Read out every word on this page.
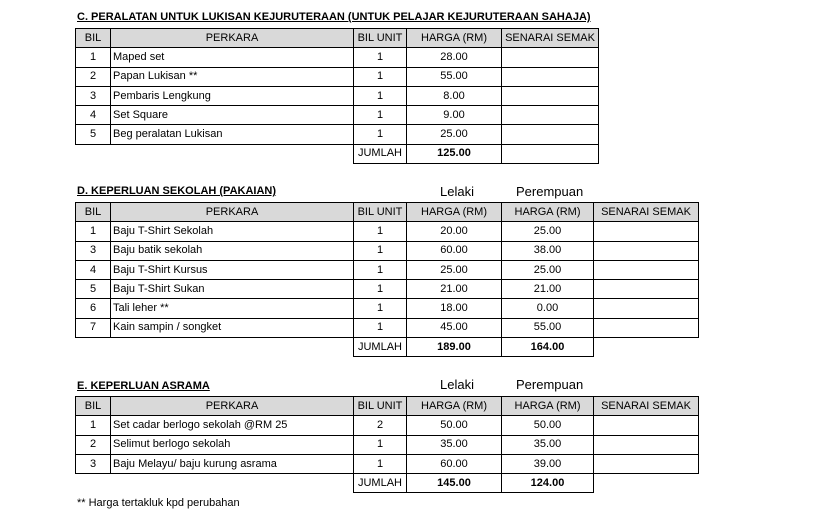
C. PERALATAN UNTUK LUKISAN KEJURUTERAAN (UNTUK PELAJAR KEJURUTERAAN SAHAJA)
BIL	PERKARA	BIL UNIT	HARGA (RM)	SENARAI SEMAK
1	Maped set	1	28.00	
2	Papan Lukisan **	1	55.00	
3	Pembaris Lengkung	1	8.00	
4	Set Square	1	9.00	
5	Beg peralatan Lukisan	1	25.00	
		JUMLAH	125.00	
D. KEPERLUAN SEKOLAH (PAKAIAN)	Lelaki	Perempuan
BIL	PERKARA	BIL UNIT	HARGA (RM)	HARGA (RM)	SENARAI SEMAK
1	Baju T-Shirt Sekolah	1	20.00	25.00	
3	Baju batik sekolah	1	60.00	38.00	
4	Baju T-Shirt Kursus	1	25.00	25.00	
5	Baju T-Shirt Sukan	1	21.00	21.00	
6	Tali leher **	1	18.00	0.00	
7	Kain sampin / songket	1	45.00	55.00	
		JUMLAH	189.00	164.00	
E. KEPERLUAN ASRAMA	Lelaki	Perempuan
BIL	PERKARA	BIL UNIT	HARGA (RM)	HARGA (RM)	SENARAI SEMAK
1	Set cadar berlogo sekolah @RM 25	2	50.00	50.00	
2	Selimut berlogo sekolah	1	35.00	35.00	
3	Baju Melayu/ baju kurung asrama	1	60.00	39.00	
		JUMLAH	145.00	124.00	
** Harga tertakluk kpd perubahan
